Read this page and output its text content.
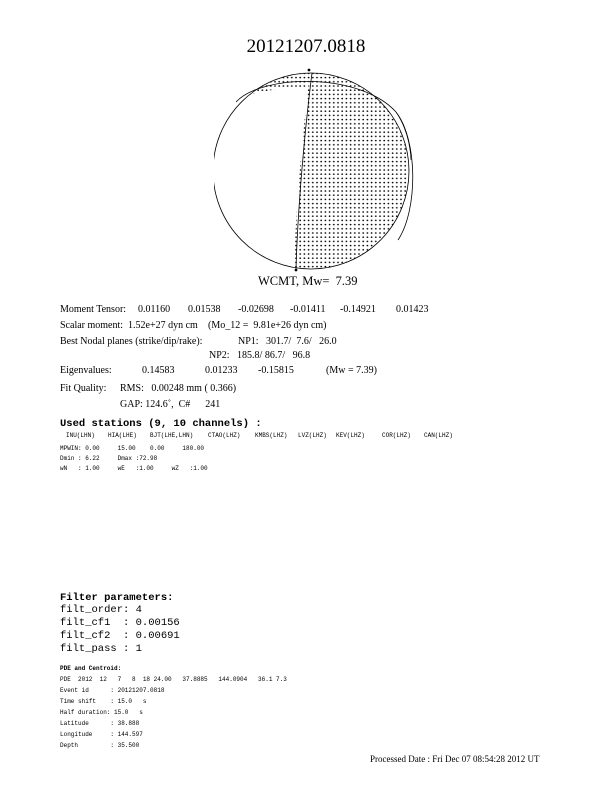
20121207.0818
WCMT, Mw=  7.39
Moment Tensor: 0.01160 0.01538 -0.02698 -0.01411 -0.14921 0.01423
Scalar moment:  1.52e+27 dyn cm (Mo_12 =  9.81e+26 dyn cm)
Best Nodal planes (strike/dip/rake):	NP1:   301.7/  7.6/   26.0
NP2:   185.8/ 86.7/   96.8
Eigenvalues:	0.14583	0.01233 -0.15815	(Mw = 7.39)
Fit Quality: RMS:   0.00248 mm ( 0.366)
GAP: 124.6˚,  C#      241
Used stations (9, 10 channels) :
INU(LHN) HIA(LHE) BJT(LHE,LHN) CTAO(LHZ) KMBS(LHZ) LVZ(LHZ) KEV(LHZ)	COR(LHZ) CAN(LHZ)
MPWIN: 0.00     15.00    0.00     180.00
Dmin : 6.22     Dmax :72.98
wN   : 1.00     wE   :1.00     wZ   :1.00
Filter parameters:
filt_order: 4
filt_cf1  : 0.00156
filt_cf2  : 0.00691
filt_pass : 1
PDE and Centroid:
PDE  2012  12   7   8  18 24.00   37.8885   144.0904   36.1 7.3
Event id      : 20121207.0818
Time shift    : 15.0   s
Half duration: 15.0   s
Latitude      : 38.888
Longitude     : 144.597
Depth         : 35.500
Processed Date : Fri Dec 07 08:54:28 2012 UT
